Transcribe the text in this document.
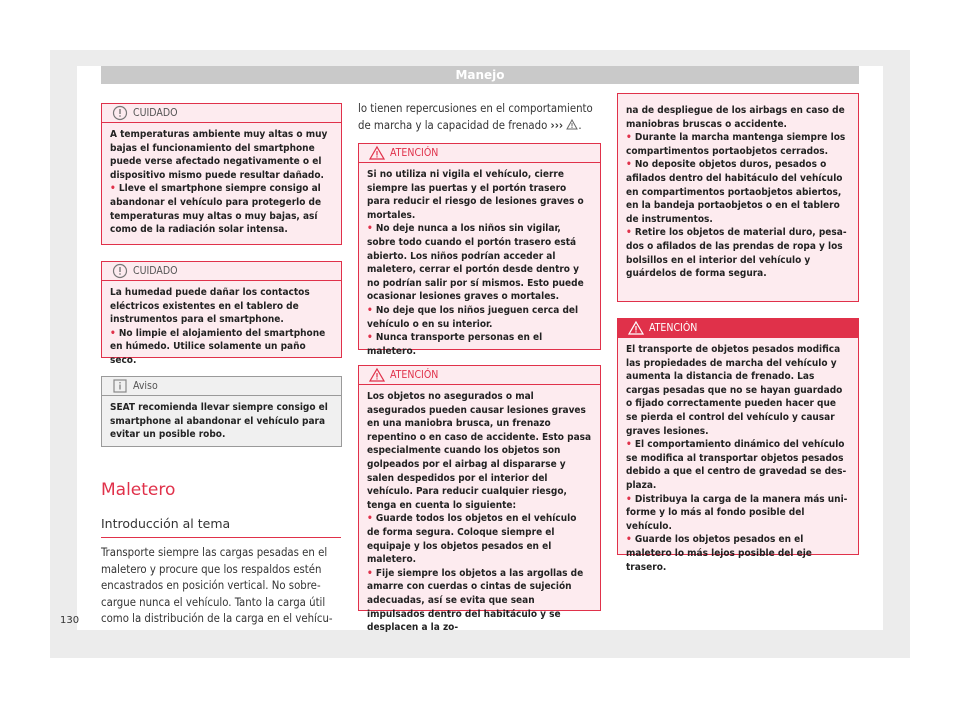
Manejo
CUIDADO

A temperaturas ambiente muy altas o muy bajas el funcionamiento del smartphone puede verse afectado negativamente o el dispositivo mismo puede resultar dañado.

• Lleve el smartphone siempre consigo al abandonar el vehículo para protegerlo de temperaturas muy altas o muy bajas, así como de la radiación solar intensa.

CUIDADO

La humedad puede dañar los contactos eléctricos existentes en el tablero de instrumentos para el smartphone.

• No limpie el alojamiento del smartphone en húmedo. Utilice solamente un paño seco.

Aviso

SEAT recomienda llevar siempre consigo el smartphone al abandonar el vehículo para evitar un posible robo.

Maletero
Introducción al tema

Transporte siempre las cargas pesadas en el maletero y procure que los respaldos estén encastrados en posición vertical. No sobrecargue nunca el vehículo. Tanto la carga útil como la distribución de la carga en el vehícu-

lo tienen repercusiones en el comportamiento de marcha y la capacidad de frenado ››› .

ATENCIÓN

Si no utiliza ni vigila el vehículo, cierre siempre las puertas y el portón trasero para reducir el riesgo de lesiones graves o mortales.

• No deje nunca a los niños sin vigilar, sobre todo cuando el portón trasero está abierto. Los niños podrían acceder al maletero, cerrar el portón desde dentro y no podrían salir por sí mismos. Esto puede ocasionar lesiones graves o mortales.

• No deje que los niños jueguen cerca del vehículo o en su interior.

• Nunca transporte personas en el maletero.

ATENCIÓN

Los objetos no asegurados o mal asegurados pueden causar lesiones graves en una maniobra brusca, un frenazo repentino o en caso de accidente. Esto pasa especialmente cuando los objetos son golpeados por el airbag al dispararse y salen despedidos por el interior del vehículo. Para reducir cualquier riesgo, tenga en cuenta lo siguiente:

• Guarde todos los objetos en el vehículo de forma segura. Coloque siempre el equipaje y los objetos pesados en el maletero.

• Fije siempre los objetos a las argollas de amarre con cuerdas o cintas de sujeción adecuadas, así se evita que sean impulsados dentro del habitáculo y se desplacen a la zo-

na de despliegue de los airbags en caso de maniobras bruscas o accidente.

• Durante la marcha mantenga siempre los compartimentos portaobjetos cerrados.

• No deposite objetos duros, pesados o afilados dentro del habitáculo del vehículo en compartimentos portaobjetos abiertos, en la bandeja portaobjetos o en el tablero de instrumentos.

• Retire los objetos de material duro, pesados o afilados de las prendas de ropa y los bolsillos en el interior del vehículo y guárdelos de forma segura.

ATENCIÓN

El transporte de objetos pesados modifica las propiedades de marcha del vehículo y aumenta la distancia de frenado. Las cargas pesadas que no se hayan guardado o fijado correctamente pueden hacer que se pierda el control del vehículo y causar graves lesiones.

• El comportamiento dinámico del vehículo se modifica al transportar objetos pesados debido a que el centro de gravedad se desplaza.

• Distribuya la carga de la manera más uniforme y lo más al fondo posible del vehículo.

• Guarde los objetos pesados en el maletero lo más lejos posible del eje trasero.

130
